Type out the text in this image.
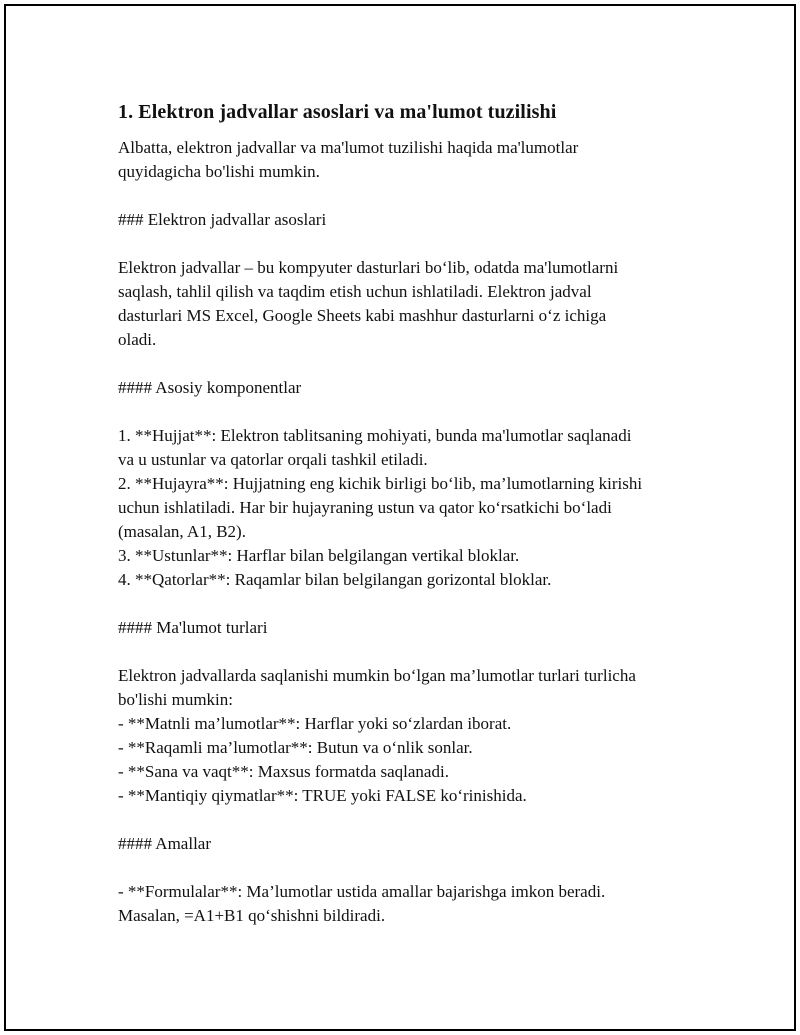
1. Elektron jadvallar asoslari va ma'lumot tuzilishi

Albatta, elektron jadvallar va ma'lumot tuzilishi haqida ma'lumotlar
quyidagicha bo'lishi mumkin.

### Elektron jadvallar asoslari

Elektron jadvallar – bu kompyuter dasturlari bo‘lib, odatda ma'lumotlarni
saqlash, tahlil qilish va taqdim etish uchun ishlatiladi. Elektron jadval
dasturlari MS Excel, Google Sheets kabi mashhur dasturlarni o‘z ichiga
oladi.

#### Asosiy komponentlar

1. **Hujjat**: Elektron tablitsaning mohiyati, bunda ma'lumotlar saqlanadi
va u ustunlar va qatorlar orqali tashkil etiladi.
2. **Hujayra**: Hujjatning eng kichik birligi bo‘lib, ma’lumotlarning kirishi
uchun ishlatiladi. Har bir hujayraning ustun va qator ko‘rsatkichi bo‘ladi
(masalan, A1, B2).
3. **Ustunlar**: Harflar bilan belgilangan vertikal bloklar.
4. **Qatorlar**: Raqamlar bilan belgilangan gorizontal bloklar.

#### Ma'lumot turlari

Elektron jadvallarda saqlanishi mumkin bo‘lgan ma’lumotlar turlari turlicha
bo'lishi mumkin:
- **Matnli ma’lumotlar**: Harflar yoki so‘zlardan iborat.
- **Raqamli ma’lumotlar**: Butun va o‘nlik sonlar.
- **Sana va vaqt**: Maxsus formatda saqlanadi.
- **Mantiqiy qiymatlar**: TRUE yoki FALSE ko‘rinishida.

#### Amallar

- **Formulalar**: Ma’lumotlar ustida amallar bajarishga imkon beradi.
Masalan, =A1+B1 qo‘shishni bildiradi.
